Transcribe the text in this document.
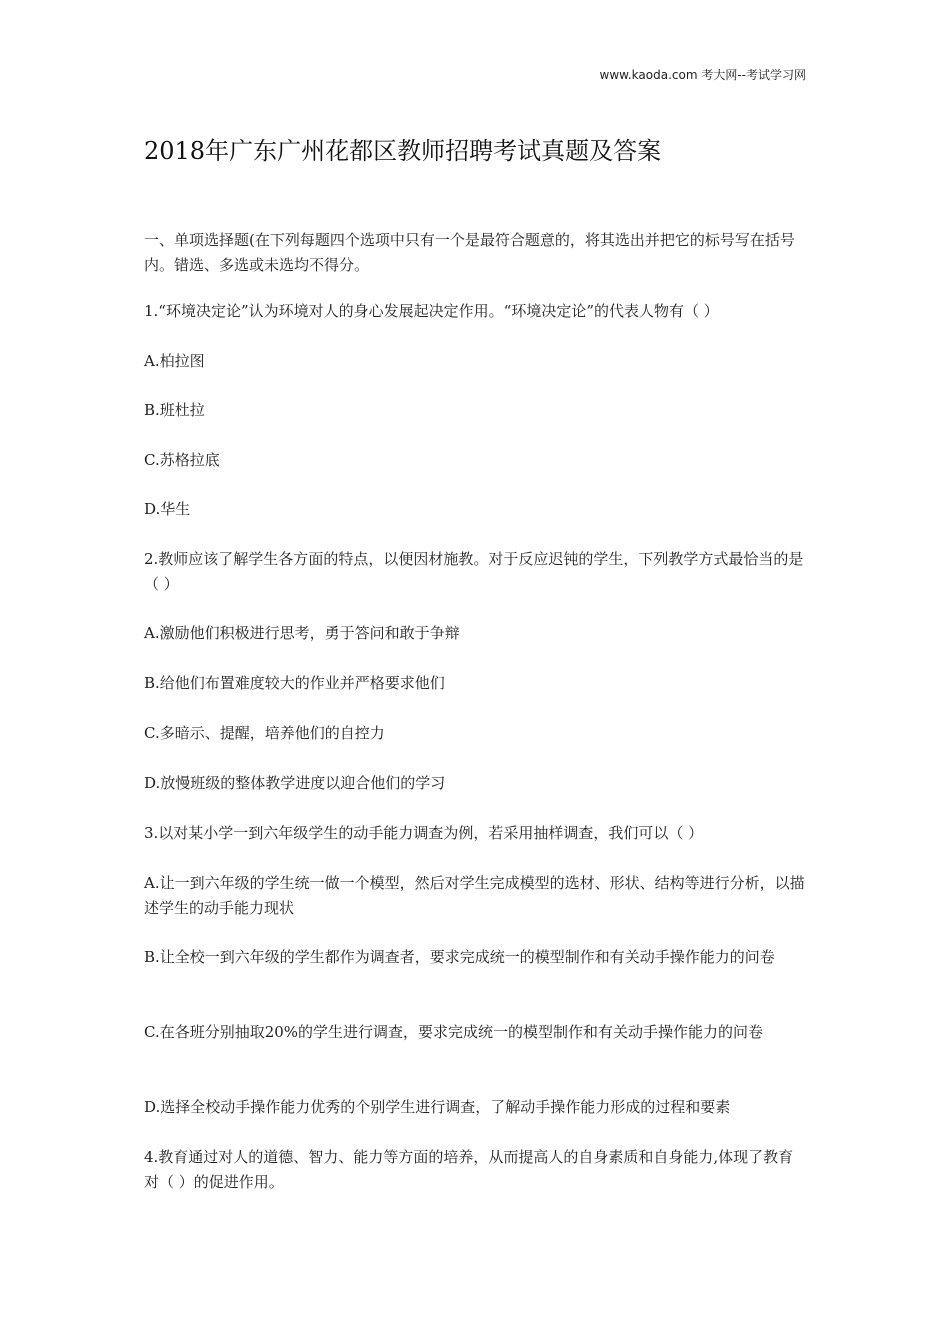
www.kaoda.com 考大网--考试学习网
2018年广东广州花都区教师招聘考试真题及答案

一、单项选择题(在下列每题四个选项中只有一个是最符合题意的，将其选出并把它的标号写在括号内。错选、多选或未选均不得分。

1.“环境决定论”认为环境对人的身心发展起决定作用。“环境决定论”的代表人物有（ ）

A.柏拉图

B.班杜拉

C.苏格拉底

D.华生

2.教师应该了解学生各方面的特点，以便因材施教。对于反应迟钝的学生，下列教学方式最恰当的是（ ）

A.激励他们积极进行思考，勇于答问和敢于争辩

B.给他们布置难度较大的作业并严格要求他们

C.多暗示、提醒，培养他们的自控力

D.放慢班级的整体教学进度以迎合他们的学习

3.以对某小学一到六年级学生的动手能力调查为例，若采用抽样调查，我们可以（ ）

A.让一到六年级的学生统一做一个模型，然后对学生完成模型的选材、形状、结构等进行分析，以描述学生的动手能力现状

B.让全校一到六年级的学生都作为调查者，要求完成统一的模型制作和有关动手操作能力的问卷

C.在各班分别抽取20%的学生进行调查，要求完成统一的模型制作和有关动手操作能力的问卷

D.选择全校动手操作能力优秀的个别学生进行调查，了解动手操作能力形成的过程和要素

4.教育通过对人的道德、智力、能力等方面的培养，从而提高人的自身素质和自身能力,体现了教育对（ ）的促进作用。
